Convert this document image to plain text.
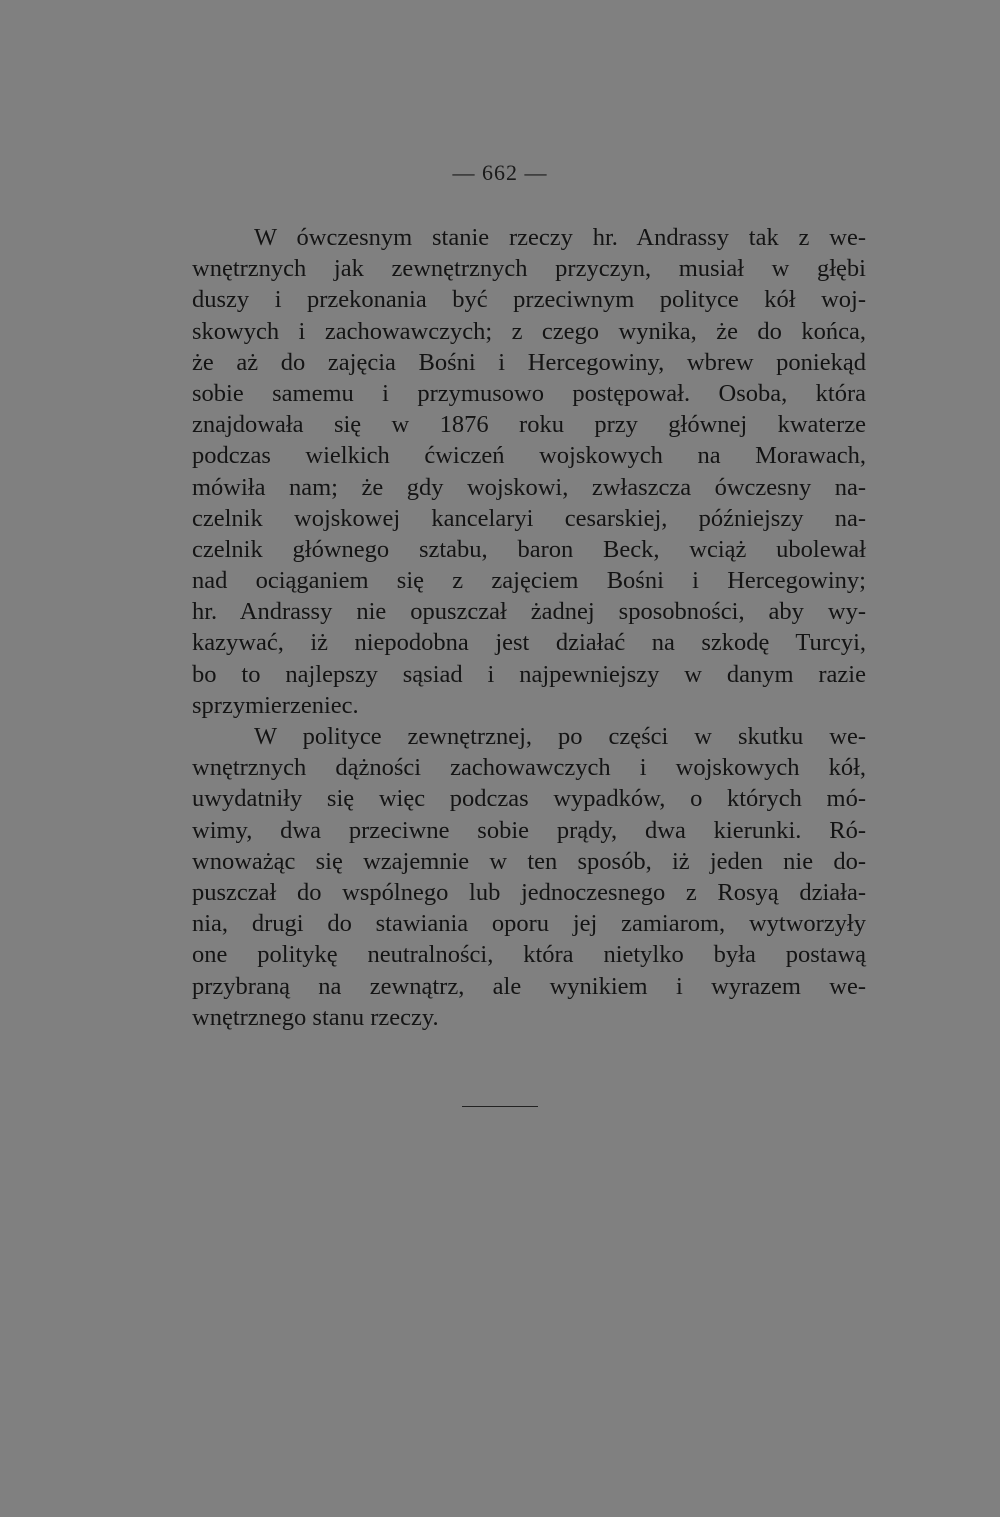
— 662 —
W ówczesnym stanie rzeczy hr. Andrassy tak z we-
wnętrznych jak zewnętrznych przyczyn, musiał w głębi
duszy i przekonania być przeciwnym polityce kół woj-
skowych i zachowawczych; z czego wynika, że do końca,
że aż do zajęcia Bośni i Hercegowiny, wbrew poniekąd
sobie samemu i przymusowo postępował. Osoba, która
znajdowała się w 1876 roku przy głównej kwaterze
podczas wielkich ćwiczeń wojskowych na Morawach,
mówiła nam; że gdy wojskowi, zwłaszcza ówczesny na-
czelnik wojskowej kancelaryi cesarskiej, późniejszy na-
czelnik głównego sztabu, baron Beck, wciąż ubolewał
nad ociąganiem się z zajęciem Bośni i Hercegowiny;
hr. Andrassy nie opuszczał żadnej sposobności, aby wy-
kazywać, iż niepodobna jest działać na szkodę Turcyi,
bo to najlepszy sąsiad i najpewniejszy w danym razie
sprzymierzeniec.
W polityce zewnętrznej, po części w skutku we-
wnętrznych dążności zachowawczych i wojskowych kół,
uwydatniły się więc podczas wypadków, o których mó-
wimy, dwa przeciwne sobie prądy, dwa kierunki. Ró-
wnoważąc się wzajemnie w ten sposób, iż jeden nie do-
puszczał do wspólnego lub jednoczesnego z Rosyą działa-
nia, drugi do stawiania oporu jej zamiarom, wytworzyły
one politykę neutralności, która nietylko była postawą
przybraną na zewnątrz, ale wynikiem i wyrazem we-
wnętrznego stanu rzeczy.
